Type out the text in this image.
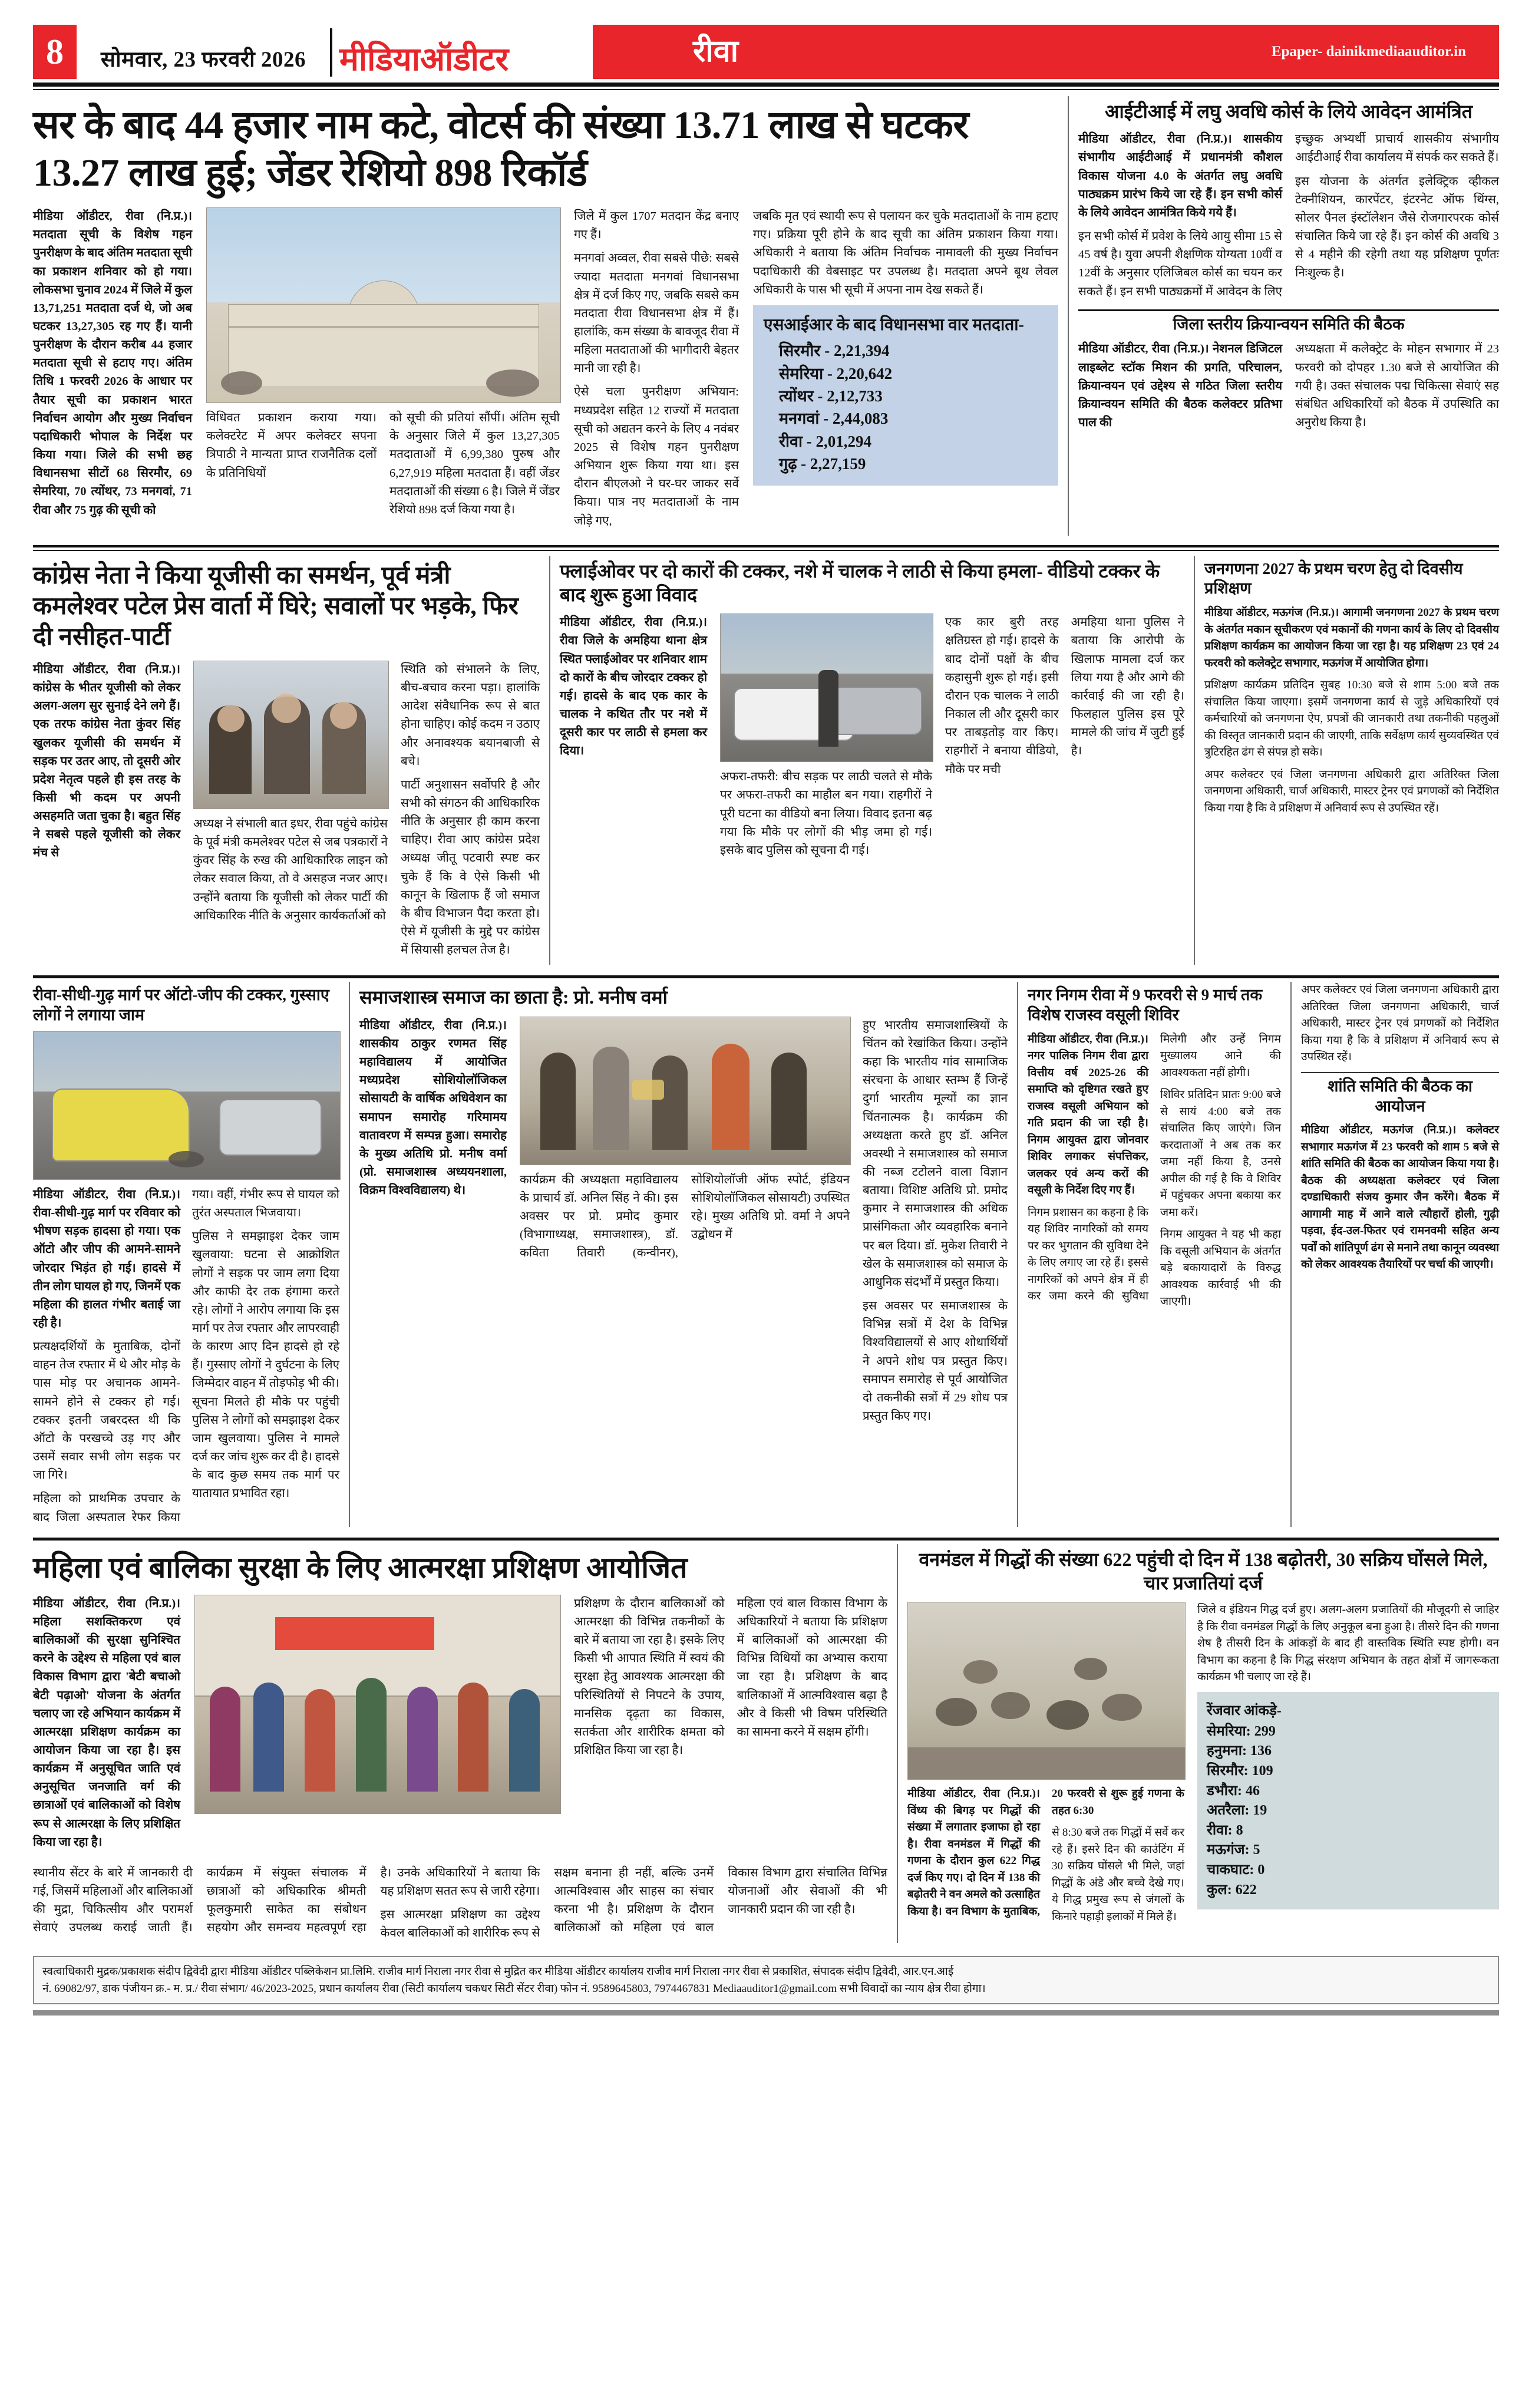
8	सोमवार, 23 फरवरी 2026	मीडियाऑडीटर	रीवा	Epaper- dainikmediaauditor.in
सर के बाद 44 हजार नाम कटे, वोटर्स की संख्या 13.71 लाख से घटकर 13.27 लाख हुई; जेंडर रेशियो 898 रिकॉर्ड

मीडिया ऑडीटर, रीवा (नि.प्र.)। मतदाता सूची के विशेष गहन पुनरीक्षण के बाद अंतिम मतदाता सूची का प्रकाशन शनिवार को हो गया। लोकसभा चुनाव 2024 में जिले में कुल 13,71,251 मतदाता दर्ज थे, जो अब घटकर 13,27,305 रह गए हैं। यानी पुनरीक्षण के दौरान करीब 44 हजार मतदाता सूची से हटाए गए। अंतिम तिथि 1 फरवरी 2026 के आधार पर तैयार सूची का प्रकाशन भारत निर्वाचन आयोग और मुख्य निर्वाचन पदाधिकारी भोपाल के निर्देश पर किया गया। जिले की सभी छह विधानसभा सीटों 68 सिरमौर, 69 सेमरिया, 70 त्योंथर, 73 मनगवां, 71 रीवा और 75 गुढ़ की सूची को

विधिवत प्रकाशन कराया गया। कलेक्टरेट में अपर कलेक्टर सपना त्रिपाठी ने मान्यता प्राप्त राजनैतिक दलों के प्रतिनिधियों

को सूची की प्रतियां सौंपीं। अंतिम सूची के अनुसार जिले में कुल 13,27,305 मतदाताओं में 6,99,380 पुरुष और 6,27,919 महिला मतदाता हैं। वहीं जेंडर मतदाताओं की संख्या 6 है। जिले में जेंडर रेशियो 898 दर्ज किया गया है।

जिले में कुल 1707 मतदान केंद्र बनाए गए हैं।

मनगवां अव्वल, रीवा सबसे पीछे: सबसे ज्यादा मतदाता मनगवां विधानसभा क्षेत्र में दर्ज किए गए, जबकि सबसे कम मतदाता रीवा विधानसभा क्षेत्र में हैं। हालांकि, कम संख्या के बावजूद रीवा में महिला मतदाताओं की भागीदारी बेहतर मानी जा रही है।

ऐसे चला पुनरीक्षण अभियान: मध्यप्रदेश सहित 12 राज्यों में मतदाता सूची को अद्यतन करने के लिए 4 नवंबर 2025 से विशेष गहन पुनरीक्षण अभियान शुरू किया गया था। इस दौरान बीएलओ ने घर-घर जाकर सर्वे किया। पात्र नए मतदाताओं के नाम जोड़े गए,

जबकि मृत एवं स्थायी रूप से पलायन कर चुके मतदाताओं के नाम हटाए गए। प्रक्रिया पूरी होने के बाद सूची का अंतिम प्रकाशन किया गया। अधिकारी ने बताया कि अंतिम निर्वाचक नामावली की मुख्य निर्वाचन पदाधिकारी की वेबसाइट पर उपलब्ध है। मतदाता अपने बूथ लेवल अधिकारी के पास भी सूची में अपना नाम देख सकते हैं।

एसआईआर के बाद विधानसभा वार मतदाता-
सिरमौर - 2,21,394
सेमरिया - 2,20,642
त्योंथर - 2,12,733
मनगवां - 2,44,083
रीवा - 2,01,294
गुढ़ - 2,27,159
आईटीआई में लघु अवधि कोर्स के लिये आवेदन आमंत्रित

मीडिया ऑडीटर, रीवा (नि.प्र.)। शासकीय संभागीय आईटीआई में प्रधानमंत्री कौशल विकास योजना 4.0 के अंतर्गत लघु अवधि पाठ्यक्रम प्रारंभ किये जा रहे हैं। इन सभी कोर्स के लिये आवेदन आमंत्रित किये गये हैं।

इन सभी कोर्स में प्रवेश के लिये आयु सीमा 15 से 45 वर्ष है। युवा अपनी शैक्षणिक योग्यता 10वीं व 12वीं के अनुसार एलिजिबल कोर्स का चयन कर सकते हैं। इन सभी पाठ्यक्रमों में आवेदन के लिए इच्छुक अभ्यर्थी प्राचार्य शासकीय संभागीय आईटीआई रीवा कार्यालय में संपर्क कर सकते हैं।

इस योजना के अंतर्गत इलेक्ट्रिक व्हीकल टेक्नीशियन, कारपेंटर, इंटरनेट ऑफ थिंग्स, सोलर पैनल इंस्टॉलेशन जैसे रोजगारपरक कोर्स संचालित किये जा रहे हैं। इन कोर्स की अवधि 3 से 4 महीने की रहेगी तथा यह प्रशिक्षण पूर्णतः निःशुल्क है।

जिला स्तरीय क्रियान्वयन समिति की बैठक

मीडिया ऑडीटर, रीवा (नि.प्र.)। नेशनल डिजिटल लाइब्लेट स्टॉक मिशन की प्रगति, परिचालन, क्रियान्वयन एवं उद्देश्य से गठित जिला स्तरीय क्रियान्वयन समिति की बैठक कलेक्टर प्रतिभा पाल की

अध्यक्षता में कलेक्ट्रेट के मोहन सभागार में 23 फरवरी को दोपहर 1.30 बजे से आयोजित की गयी है। उक्त संचालक पद्म चिकित्सा सेवाएं सह संबंधित अधिकारियों को बैठक में उपस्थिति का अनुरोध किया है।

कांग्रेस नेता ने किया यूजीसी का समर्थन, पूर्व मंत्री कमलेश्वर पटेल प्रेस वार्ता में घिरे; सवालों पर भड़के, फिर दी नसीहत-पार्टी

मीडिया ऑडीटर, रीवा (नि.प्र.)। कांग्रेस के भीतर यूजीसी को लेकर अलग-अलग सुर सुनाई देने लगे हैं। एक तरफ कांग्रेस नेता कुंवर सिंह खुलकर यूजीसी की समर्थन में सड़क पर उतर आए, तो दूसरी ओर प्रदेश नेतृत्व पहले ही इस तरह के किसी भी कदम पर अपनी असहमति जता चुका है। बहुत सिंह ने सबसे पहले यूजीसी को लेकर मंच से

अध्यक्ष ने संभाली बात इधर, रीवा पहुंचे कांग्रेस के पूर्व मंत्री कमलेश्वर पटेल से जब पत्रकारों ने कुंवर सिंह के रुख की आधिकारिक लाइन को लेकर सवाल किया, तो वे असहज नजर आए। उन्होंने बताया कि यूजीसी को लेकर पार्टी की आधिकारिक नीति के अनुसार कार्यकर्ताओं को

स्थिति को संभालने के लिए, बीच-बचाव करना पड़ा। हालांकि आदेश संवैधानिक रूप से बात होना चाहिए। कोई कदम न उठाए और अनावश्यक बयानबाजी से बचे।

पार्टी अनुशासन सर्वोपरि है और सभी को संगठन की आधिकारिक नीति के अनुसार ही काम करना चाहिए। रीवा आए कांग्रेस प्रदेश अध्यक्ष जीतू पटवारी स्पष्ट कर चुके हैं कि वे ऐसे किसी भी कानून के खिलाफ हैं जो समाज के बीच विभाजन पैदा करता हो। ऐसे में यूजीसी के मुद्दे पर कांग्रेस में सियासी हलचल तेज है।

फ्लाईओवर पर दो कारों की टक्कर, नशे में चालक ने लाठी से किया हमला- वीडियो टक्कर के बाद शुरू हुआ विवाद

मीडिया ऑडीटर, रीवा (नि.प्र.)। रीवा जिले के अमहिया थाना क्षेत्र स्थित फ्लाईओवर पर शनिवार शाम दो कारों के बीच जोरदार टक्कर हो गई। हादसे के बाद एक कार के चालक ने कथित तौर पर नशे में दूसरी कार पर लाठी से हमला कर दिया।

अफरा-तफरी: बीच सड़क पर लाठी चलते से मौके पर अफरा-तफरी का माहौल बन गया। राहगीरों ने पूरी घटना का वीडियो बना लिया। विवाद इतना बढ़ गया कि मौके पर लोगों की भीड़ जमा हो गई। इसके बाद पुलिस को सूचना दी गई।

एक कार बुरी तरह क्षतिग्रस्त हो गई। हादसे के बाद दोनों पक्षों के बीच कहासुनी शुरू हो गई। इसी दौरान एक चालक ने लाठी निकाल ली और दूसरी कार पर ताबड़तोड़ वार किए। राहगीरों ने बनाया वीडियो, मौके पर मची

अमहिया थाना पुलिस ने बताया कि आरोपी के खिलाफ मामला दर्ज कर लिया गया है और आगे की कार्रवाई की जा रही है। फिलहाल पुलिस इस पूरे मामले की जांच में जुटी हुई है।

जनगणना 2027 के प्रथम चरण हेतु दो दिवसीय प्रशिक्षण

मीडिया ऑडीटर, मऊगंज (नि.प्र.)। आगामी जनगणना 2027 के प्रथम चरण के अंतर्गत मकान सूचीकरण एवं मकानों की गणना कार्य के लिए दो दिवसीय प्रशिक्षण कार्यक्रम का आयोजन किया जा रहा है। यह प्रशिक्षण 23 एवं 24 फरवरी को कलेक्ट्रेट सभागार, मऊगंज में आयोजित होगा।

प्रशिक्षण कार्यक्रम प्रतिदिन सुबह 10:30 बजे से शाम 5:00 बजे तक संचालित किया जाएगा। इसमें जनगणना कार्य से जुड़े अधिकारियों एवं कर्मचारियों को जनगणना ऐप, प्रपत्रों की जानकारी तथा तकनीकी पहलुओं की विस्तृत जानकारी प्रदान की जाएगी, ताकि सर्वेक्षण कार्य सुव्यवस्थित एवं त्रुटिरहित ढंग से संपन्न हो सके।

अपर कलेक्टर एवं जिला जनगणना अधिकारी द्वारा अतिरिक्त जिला जनगणना अधिकारी, चार्ज अधिकारी, मास्टर ट्रेनर एवं प्रगणकों को निर्देशित किया गया है कि वे प्रशिक्षण में अनिवार्य रूप से उपस्थित रहें।

रीवा-सीधी-गुढ़ मार्ग पर ऑटो-जीप की टक्कर, गुस्साए लोगों ने लगाया जाम

मीडिया ऑडीटर, रीवा (नि.प्र.)। रीवा-सीधी-गुढ़ मार्ग पर रविवार को भीषण सड़क हादसा हो गया। एक ऑटो और जीप की आमने-सामने जोरदार भिड़ंत हो गई। हादसे में तीन लोग घायल हो गए, जिनमें एक महिला की हालत गंभीर बताई जा रही है।

प्रत्यक्षदर्शियों के मुताबिक, दोनों वाहन तेज रफ्तार में थे और मोड़ के पास मोड़ पर अचानक आमने-सामने होने से टक्कर हो गई। टक्कर इतनी जबरदस्त थी कि ऑटो के परखच्चे उड़ गए और उसमें सवार सभी लोग सड़क पर जा गिरे।

महिला को प्राथमिक उपचार के बाद जिला अस्पताल रेफर किया गया। वहीं, गंभीर रूप से घायल को तुरंत अस्पताल भिजवाया।

पुलिस ने समझाइश देकर जाम खुलवाया: घटना से आक्रोशित लोगों ने सड़क पर जाम लगा दिया और काफी देर तक हंगामा करते रहे। लोगों ने आरोप लगाया कि इस मार्ग पर तेज रफ्तार और लापरवाही के कारण आए दिन हादसे हो रहे हैं। गुस्साए लोगों ने दुर्घटना के लिए जिम्मेदार वाहन में तोड़फोड़ भी की। सूचना मिलते ही मौके पर पहुंची पुलिस ने लोगों को समझाइश देकर जाम खुलवाया। पुलिस ने मामले दर्ज कर जांच शुरू कर दी है। हादसे के बाद कुछ समय तक मार्ग पर यातायात प्रभावित रहा।

समाजशास्त्र समाज का छाता है: प्रो. मनीष वर्मा

मीडिया ऑडीटर, रीवा (नि.प्र.)। शासकीय ठाकुर रणमत सिंह महाविद्यालय में आयोजित मध्यप्रदेश सोशियोलॉजिकल सोसायटी के वार्षिक अधिवेशन का समापन समारोह गरिमामय वातावरण में सम्पन्न हुआ। समारोह के मुख्य अतिथि प्रो. मनीष वर्मा (प्रो. समाजशास्त्र अध्ययनशाला, विक्रम विश्वविद्यालय) थे।

कार्यक्रम की अध्यक्षता महाविद्यालय के प्राचार्य डॉ. अनिल सिंह ने की। इस अवसर पर प्रो. प्रमोद कुमार (विभागाध्यक्ष, समाजशास्त्र), डॉ. कविता तिवारी (कन्वीनर), सोशियोलॉजी ऑफ स्पोर्ट, इंडियन सोशियोलॉजिकल सोसायटी) उपस्थित रहे। मुख्य अतिथि प्रो. वर्मा ने अपने उद्बोधन में

हुए भारतीय समाजशास्त्रियों के चिंतन को रेखांकित किया। उन्होंने कहा कि भारतीय गांव सामाजिक संरचना के आधार स्तम्भ हैं जिन्हें दुर्गा भारतीय मूल्यों का ज्ञान चिंतनात्मक है। कार्यक्रम की अध्यक्षता करते हुए डॉ. अनिल अवस्थी ने समाजशास्त्र को समाज की नब्ज टटोलने वाला विज्ञान बताया। विशिष्ट अतिथि प्रो. प्रमोद कुमार ने समाजशास्त्र की अधिक प्रासंगिकता और व्यवहारिक बनाने पर बल दिया। डॉ. मुकेश तिवारी ने खेल के समाजशास्त्र को समाज के आधुनिक संदर्भों में प्रस्तुत किया।

इस अवसर पर समाजशास्त्र के विभिन्न सत्रों में देश के विभिन्न विश्वविद्यालयों से आए शोधार्थियों ने अपने शोध पत्र प्रस्तुत किए। समापन समारोह से पूर्व आयोजित दो तकनीकी सत्रों में 29 शोध पत्र प्रस्तुत किए गए।

नगर निगम रीवा में 9 फरवरी से 9 मार्च तक विशेष राजस्व वसूली शिविर

मीडिया ऑडीटर, रीवा (नि.प्र.)। नगर पालिक निगम रीवा द्वारा वित्तीय वर्ष 2025-26 की समाप्ति को दृष्टिगत रखते हुए राजस्व वसूली अभियान को गति प्रदान की जा रही है। निगम आयुक्त द्वारा जोनवार शिविर लगाकर संपत्तिकर, जलकर एवं अन्य करों की वसूली के निर्देश दिए गए हैं।

निगम प्रशासन का कहना है कि यह शिविर नागरिकों को समय पर कर भुगतान की सुविधा देने के लिए लगाए जा रहे हैं। इससे नागरिकों को अपने क्षेत्र में ही कर जमा करने की सुविधा मिलेगी और उन्हें निगम मुख्यालय आने की आवश्यकता नहीं होगी।

शिविर प्रतिदिन प्रातः 9:00 बजे से सायं 4:00 बजे तक संचालित किए जाएंगे। जिन करदाताओं ने अब तक कर जमा नहीं किया है, उनसे अपील की गई है कि वे शिविर में पहुंचकर अपना बकाया कर जमा करें।

निगम आयुक्त ने यह भी कहा कि वसूली अभियान के अंतर्गत बड़े बकायादारों के विरुद्ध आवश्यक कार्रवाई भी की जाएगी।

अपर कलेक्टर एवं जिला जनगणना अधिकारी द्वारा अतिरिक्त जिला जनगणना अधिकारी, चार्ज अधिकारी, मास्टर ट्रेनर एवं प्रगणकों को निर्देशित किया गया है कि वे प्रशिक्षण में अनिवार्य रूप से उपस्थित रहें।

शांति समिति की बैठक का आयोजन

मीडिया ऑडीटर, मऊगंज (नि.प्र.)। कलेक्टर सभागार मऊगंज में 23 फरवरी को शाम 5 बजे से शांति समिति की बैठक का आयोजन किया गया है। बैठक की अध्यक्षता कलेक्टर एवं जिला दण्डाधिकारी संजय कुमार जैन करेंगे। बैठक में आगामी माह में आने वाले त्यौहारों होली, गुढ़ी पड़वा, ईद-उल-फितर एवं रामनवमी सहित अन्य पर्वों को शांतिपूर्ण ढंग से मनाने तथा कानून व्यवस्था को लेकर आवश्यक तैयारियों पर चर्चा की जाएगी।

महिला एवं बालिका सुरक्षा के लिए आत्मरक्षा प्रशिक्षण आयोजित

मीडिया ऑडीटर, रीवा (नि.प्र.)। महिला सशक्तिकरण एवं बालिकाओं की सुरक्षा सुनिश्चित करने के उद्देश्य से महिला एवं बाल विकास विभाग द्वारा 'बेटी बचाओ बेटी पढ़ाओ' योजना के अंतर्गत चलाए जा रहे अभियान कार्यक्रम में आत्मरक्षा प्रशिक्षण कार्यक्रम का आयोजन किया जा रहा है। इस कार्यक्रम में अनुसूचित जाति एवं अनुसूचित जनजाति वर्ग की छात्राओं एवं बालिकाओं को विशेष रूप से आत्मरक्षा के लिए प्रशिक्षित किया जा रहा है।

प्रशिक्षण के दौरान बालिकाओं को आत्मरक्षा की विभिन्न तकनीकों के बारे में बताया जा रहा है। इसके लिए किसी भी आपात स्थिति में स्वयं की सुरक्षा हेतु आवश्यक आत्मरक्षा की परिस्थितियों से निपटने के उपाय, मानसिक दृढ़ता का विकास, सतर्कता और शारीरिक क्षमता को प्रशिक्षित किया जा रहा है।

महिला एवं बाल विकास विभाग के अधिकारियों ने बताया कि प्रशिक्षण में बालिकाओं को आत्मरक्षा की विभिन्न विधियों का अभ्यास कराया जा रहा है। प्रशिक्षण के बाद बालिकाओं में आत्मविश्वास बढ़ा है और वे किसी भी विषम परिस्थिति का सामना करने में सक्षम होंगी।

स्थानीय सेंटर के बारे में जानकारी दी गई, जिसमें महिलाओं और बालिकाओं की मुद्रा, चिकित्सीय और परामर्श सेवाएं उपलब्ध कराई जाती हैं। कार्यक्रम में संयुक्त संचालक में छात्राओं को अधिकारिक श्रीमती फूलकुमारी साकेत का संबोधन सहयोग और समन्वय महत्वपूर्ण रहा है। उनके अधिकारियों ने बताया कि यह प्रशिक्षण सतत रूप से जारी रहेगा।

इस आत्मरक्षा प्रशिक्षण का उद्देश्य केवल बालिकाओं को शारीरिक रूप से सक्षम बनाना ही नहीं, बल्कि उनमें आत्मविश्वास और साहस का संचार करना भी है। प्रशिक्षण के दौरान बालिकाओं को महिला एवं बाल विकास विभाग द्वारा संचालित विभिन्न योजनाओं और सेवाओं की भी जानकारी प्रदान की जा रही है।

वनमंडल में गिद्धों की संख्या 622 पहुंची दो दिन में 138 बढ़ोतरी, 30 सक्रिय घोंसले मिले, चार प्रजातियां दर्ज

मीडिया ऑडीटर, रीवा (नि.प्र.)। विंध्य की बिगड़ पर गिद्धों की संख्या में लगातार इजाफा हो रहा है। रीवा वनमंडल में गिद्धों की गणना के दौरान कुल 622 गिद्ध दर्ज किए गए। दो दिन में 138 की बढ़ोतरी ने वन अमले को उत्साहित किया है। वन विभाग के मुताबिक, 20 फरवरी से शुरू हुई गणना के तहत 6:30

से 8:30 बजे तक गिद्धों में सर्वे कर रहे हैं। इसरे दिन की काउंटिंग में 30 सक्रिय घोंसले भी मिले, जहां गिद्धों के अंडे और बच्चे देखे गए। ये गिद्ध प्रमुख रूप से जंगलों के किनारे पहाड़ी इलाकों में मिले हैं।

जिले व इंडियन गिद्ध दर्ज हुए। अलग-अलग प्रजातियों की मौजूदगी से जाहिर है कि रीवा वनमंडल गिद्धों के लिए अनुकूल बना हुआ है। तीसरे दिन की गणना शेष है तीसरी दिन के आंकड़ों के बाद ही वास्तविक स्थिति स्पष्ट होगी। वन विभाग का कहना है कि गिद्ध संरक्षण अभियान के तहत क्षेत्रों में जागरूकता कार्यक्रम भी चलाए जा रहे हैं।

रेंजवार आंकड़े-
सेमरिया: 299
हनुमना: 136
सिरमौर: 109
डभौरा: 46
अतरैला: 19
रीवा: 8
मऊगंज: 5
चाकघाट: 0
कुल: 622
स्वत्वाधिकारी मुद्रक/प्रकाशक संदीप द्विवेदी द्वारा मीडिया ऑडीटर पब्लिकेशन प्रा.लिमि. राजीव मार्ग निराला नगर रीवा से मुद्रित कर मीडिया ऑडीटर कार्यालय राजीव मार्ग निराला नगर रीवा से प्रकाशित, संपादक संदीप द्विवेदी, आर.एन.आई
नं. 69082/97, डाक पंजीयन क्र.- म. प्र./ रीवा संभाग/ 46/2023-2025, प्रधान कार्यालय रीवा (सिटी कार्यालय चकधर सिटी सेंटर रीवा) फोन नं. 9589645803, 7974467831 Mediaauditor1@gmail.com सभी विवादों का न्याय क्षेत्र रीवा होगा।
